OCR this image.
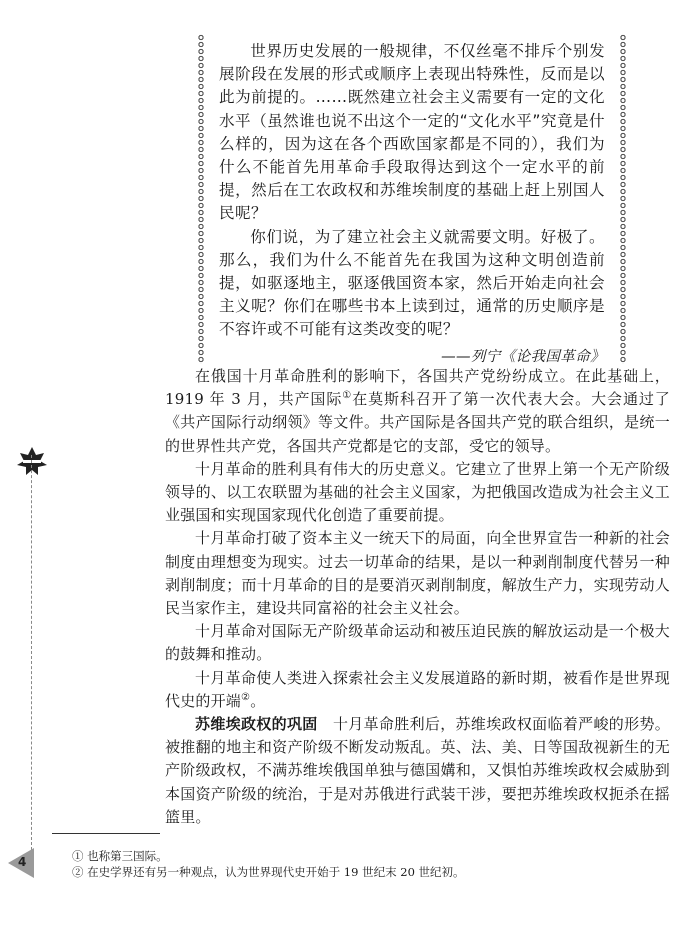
世界历史发展的一般规律，不仅丝毫不排斥个别发展阶段在发展的形式或顺序上表现出特殊性，反而是以此为前提的。……既然建立社会主义需要有一定的文化水平（虽然谁也说不出这个一定的“文化水平”究竟是什么样的，因为这在各个西欧国家都是不同的），我们为什么不能首先用革命手段取得达到这个一定水平的前提，然后在工农政权和苏维埃制度的基础上赶上别国人民呢？

你们说，为了建立社会主义就需要文明。好极了。那么，我们为什么不能首先在我国为这种文明创造前提，如驱逐地主，驱逐俄国资本家，然后开始走向社会主义呢？你们在哪些书本上读到过，通常的历史顺序是不容许或不可能有这类改变的呢？

——列宁《论我国革命》

在俄国十月革命胜利的影响下，各国共产党纷纷成立。在此基础上，1919 年 3 月，共产国际①在莫斯科召开了第一次代表大会。大会通过了《共产国际行动纲领》等文件。共产国际是各国共产党的联合组织，是统一的世界性共产党，各国共产党都是它的支部，受它的领导。

十月革命的胜利具有伟大的历史意义。它建立了世界上第一个无产阶级领导的、以工农联盟为基础的社会主义国家，为把俄国改造成为社会主义工业强国和实现国家现代化创造了重要前提。

十月革命打破了资本主义一统天下的局面，向全世界宣告一种新的社会制度由理想变为现实。过去一切革命的结果，是以一种剥削制度代替另一种剥削制度；而十月革命的目的是要消灭剥削制度，解放生产力，实现劳动人民当家作主，建设共同富裕的社会主义社会。

十月革命对国际无产阶级革命运动和被压迫民族的解放运动是一个极大的鼓舞和推动。

十月革命使人类进入探索社会主义发展道路的新时期，被看作是世界现代史的开端②。

苏维埃政权的巩固  十月革命胜利后，苏维埃政权面临着严峻的形势。被推翻的地主和资产阶级不断发动叛乱。英、法、美、日等国敌视新生的无产阶级政权，不满苏维埃俄国单独与德国媾和，又惧怕苏维埃政权会威胁到本国资产阶级的统治，于是对苏俄进行武装干涉，要把苏维埃政权扼杀在摇篮里。

4	① 也称第三国际。
② 在史学界还有另一种观点，认为世界现代史开始于 19 世纪末 20 世纪初。
